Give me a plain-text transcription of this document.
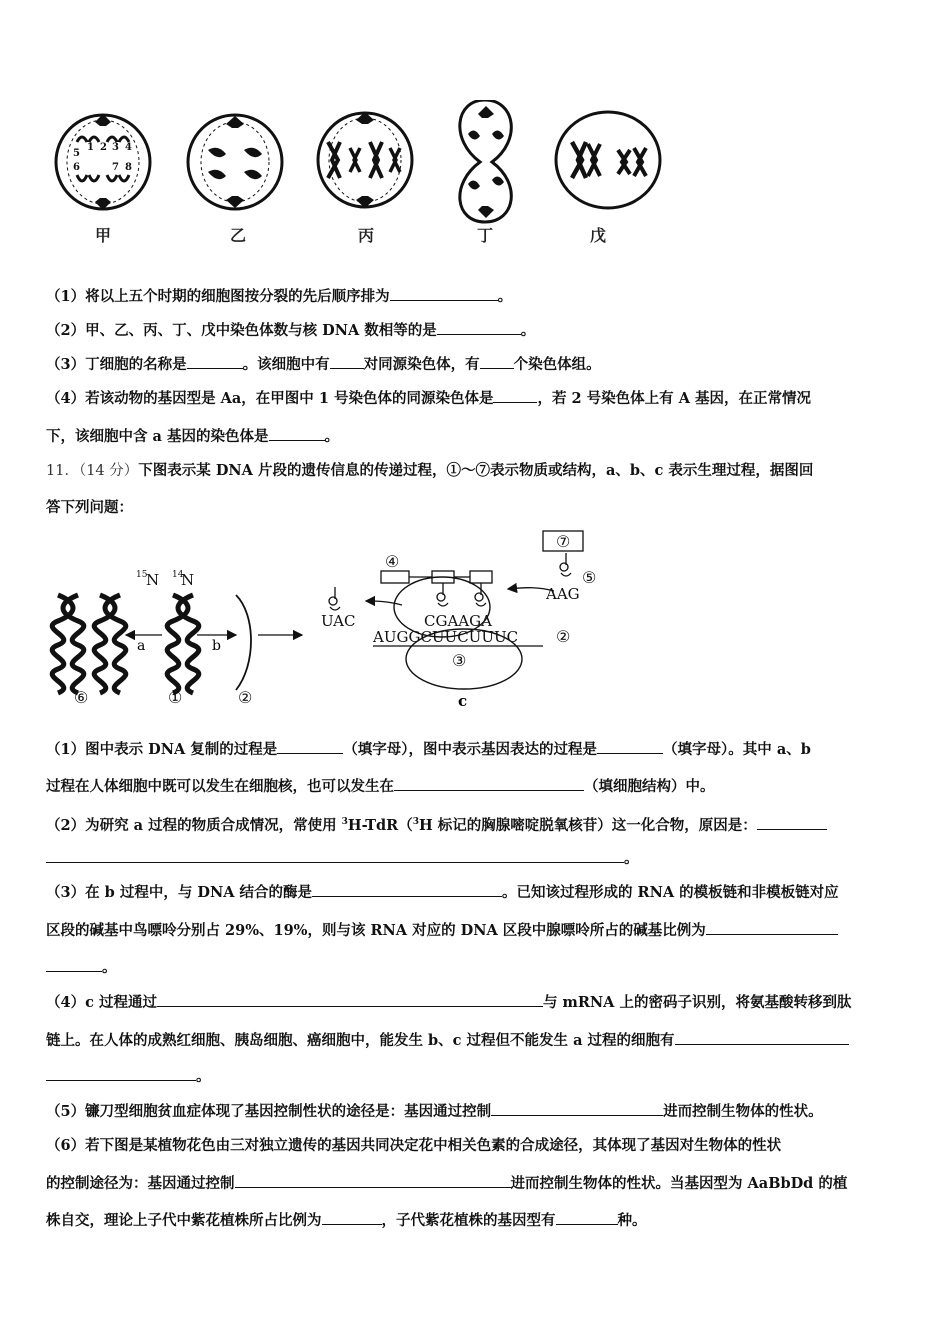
5
1 2 3 4
6	7 8
甲	乙	丙	丁	戊
（1）将以上五个时期的细胞图按分裂的先后顺序排为	。
（2）甲、乙、丙、丁、戊中染色体数与核 DNA 数相等的是	。
（3）丁细胞的名称是	。该细胞中有 对同源染色体，有 个染色体组。
（4）若该动物的基因型是 Aa，在甲图中 1 号染色体的同源染色体是	，若 2 号染色体上有 A 基因，在正常情况
下，该细胞中含 a 基因的染色体是	。
11．（14 分）下图表示某 DNA 片段的遗传信息的传递过程，①～⑦表示物质或结构，a、b、c 表示生理过程，据图回
答下列问题：
15
N 14
N
a	b
⑦
④
⑤
②
③
⑥	①	②
UAC	CGAAGA
AAG
AUGGCUUCUUUC
c
（1）图中表示 DNA 复制的过程是	（填字母），图中表示基因表达的过程是	（填字母）。其中 a、b
过程在人体细胞中既可以发生在细胞核，也可以发生在	（填细胞结构）中。
（2）为研究 a 过程的物质合成情况，常使用 $^3$H-TdR（$^3$H 标记的胸腺嘧啶脱氧核苷）这一化合物，原因是：
。
（3）在 b 过程中，与 DNA 结合的酶是	。已知该过程形成的 RNA 的模板链和非模板链对应
区段的碱基中鸟嘌呤分别占 29%、19%，则与该 RNA 对应的 DNA 区段中腺嘌呤所占的碱基比例为
。
（4）c 过程通过	与 mRNA 上的密码子识别，将氨基酸转移到肽
链上。在人体的成熟红细胞、胰岛细胞、癌细胞中，能发生 b、c 过程但不能发生 a 过程的细胞有
。
（5）镰刀型细胞贫血症体现了基因控制性状的途径是：基因通过控制	进而控制生物体的性状。
（6）若下图是某植物花色由三对独立遗传的基因共同决定花中相关色素的合成途径，其体现了基因对生物体的性状
的控制途径为：基因通过控制	进而控制生物体的性状。当基因型为 AaBbDd 的植
株自交，理论上子代中紫花植株所占比例为	，子代紫花植株的基因型有	种。
